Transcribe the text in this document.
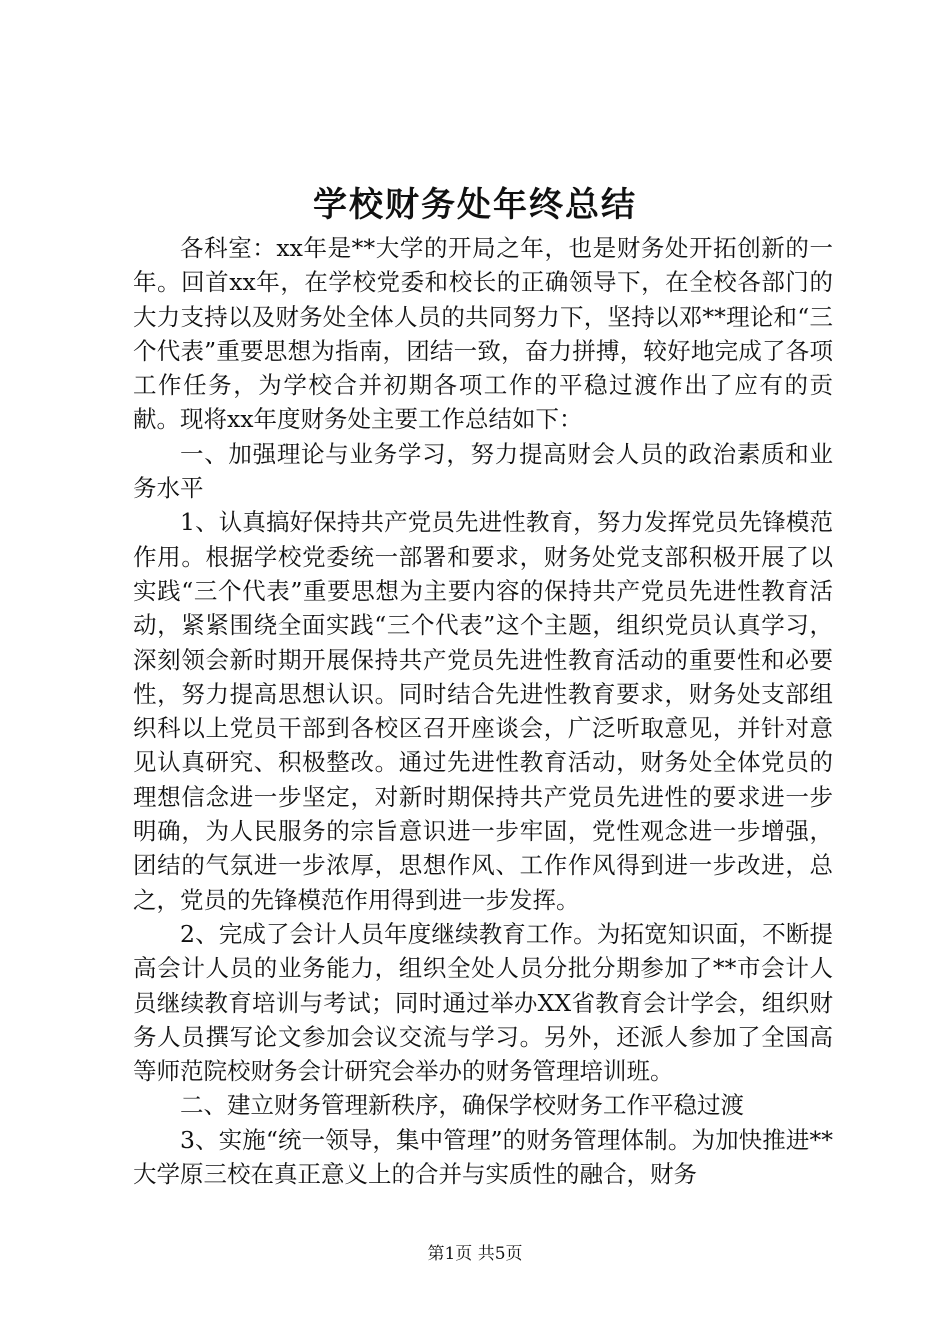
学校财务处年终总结

各科室：xx年是**大学的开局之年，也是财务处开拓创新的一年。回首xx年，在学校党委和校长的正确领导下，在全校各部门的大力支持以及财务处全体人员的共同努力下，坚持以邓**理论和“三个代表”重要思想为指南，团结一致，奋力拼搏，较好地完成了各项工作任务，为学校合并初期各项工作的平稳过渡作出了应有的贡献。现将xx年度财务处主要工作总结如下：

一、加强理论与业务学习，努力提高财会人员的政治素质和业务水平

1、认真搞好保持共产党员先进性教育，努力发挥党员先锋模范作用。根据学校党委统一部署和要求，财务处党支部积极开展了以实践“三个代表”重要思想为主要内容的保持共产党员先进性教育活动，紧紧围绕全面实践“三个代表”这个主题，组织党员认真学习，深刻领会新时期开展保持共产党员先进性教育活动的重要性和必要性，努力提高思想认识。同时结合先进性教育要求，财务处支部组织科以上党员干部到各校区召开座谈会，广泛听取意见，并针对意见认真研究、积极整改。通过先进性教育活动，财务处全体党员的理想信念进一步坚定，对新时期保持共产党员先进性的要求进一步明确，为人民服务的宗旨意识进一步牢固，党性观念进一步增强，团结的气氛进一步浓厚，思想作风、工作作风得到进一步改进，总之，党员的先锋模范作用得到进一步发挥。

2、完成了会计人员年度继续教育工作。为拓宽知识面，不断提高会计人员的业务能力，组织全处人员分批分期参加了**市会计人员继续教育培训与考试；同时通过举办XX省教育会计学会，组织财务人员撰写论文参加会议交流与学习。另外，还派人参加了全国高等师范院校财务会计研究会举办的财务管理培训班。

二、建立财务管理新秩序，确保学校财务工作平稳过渡

3、实施“统一领导，集中管理”的财务管理体制。为加快推进**大学原三校在真正意义上的合并与实质性的融合，财务

第1页 共5页
